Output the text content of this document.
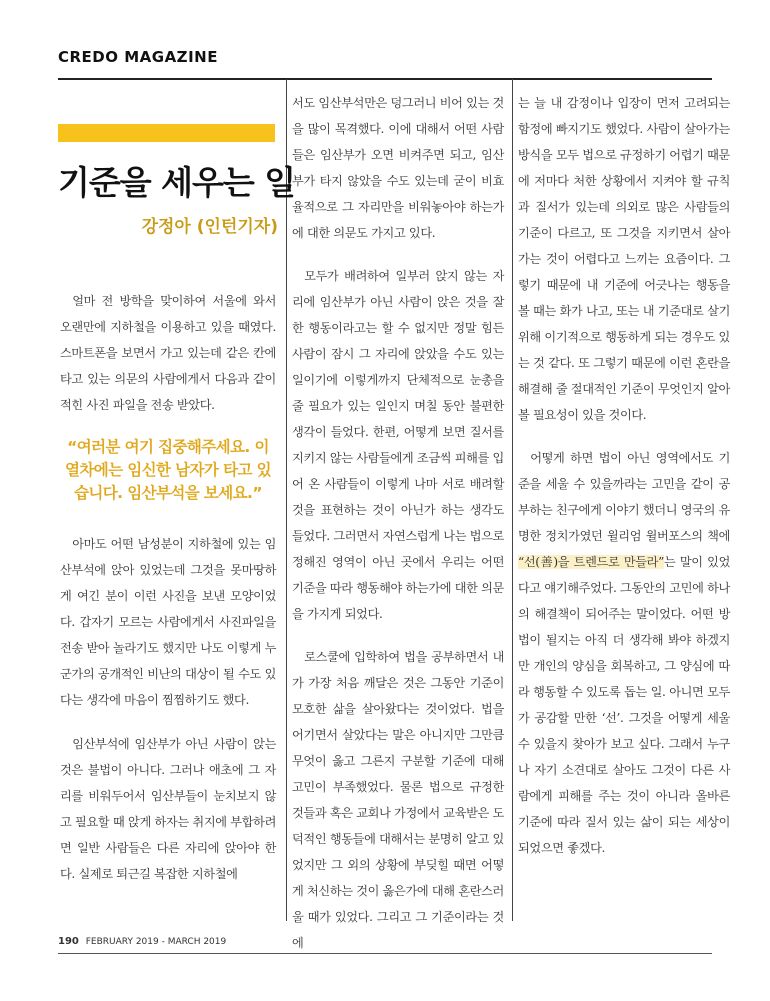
CREDO MAGAZINE
기준을 세우는 일
강정아 (인턴기자)

얼마 전 방학을 맞이하여 서울에 와서 오랜만에 지하철을 이용하고 있을 때였다. 스마트폰을 보면서 가고 있는데 같은 칸에 타고 있는 의문의 사람에게서 다음과 같이 적힌 사진 파일을 전송 받았다.

“여러분 여기 집중해주세요. 이 열차에는 임신한 남자가 타고 있습니다. 임산부석을 보세요.”

아마도 어떤 남성분이 지하철에 있는 임산부석에 앉아 있었는데 그것을 못마땅하게 여긴 분이 이런 사진을 보낸 모양이었다. 갑자기 모르는 사람에게서 사진파일을 전송 받아 놀라기도 했지만 나도 이렇게 누군가의 공개적인 비난의 대상이 될 수도 있다는 생각에 마음이 찜찜하기도 했다.

임산부석에 임산부가 아닌 사람이 앉는 것은 불법이 아니다. 그러나 애초에 그 자리를 비워두어서 임산부들이 눈치보지 않고 필요할 때 앉게 하자는 취지에 부합하려면 일반 사람들은 다른 자리에 앉아야 한다. 실제로 퇴근길 복잡한 지하철에

서도 임산부석만은 덩그러니 비어 있는 것을 많이 목격했다. 이에 대해서 어떤 사람들은 임산부가 오면 비켜주면 되고, 임산부가 타지 않았을 수도 있는데 굳이 비효율적으로 그 자리만을 비워놓아야 하는가에 대한 의문도 가지고 있다.

모두가 배려하여 일부러 앉지 않는 자리에 임산부가 아닌 사람이 앉은 것을 잘한 행동이라고는 할 수 없지만 정말 힘든 사람이 잠시 그 자리에 앉았을 수도 있는 일이기에 이렇게까지 단체적으로 눈총을 줄 필요가 있는 일인지 며칠 동안 불편한 생각이 들었다. 한편, 어떻게 보면 질서를 지키지 않는 사람들에게 조금씩 피해를 입어 온 사람들이 이렇게 나마 서로 배려할 것을 표현하는 것이 아닌가 하는 생각도 들었다. 그러면서 자연스럽게 나는 법으로 정해진 영역이 아닌 곳에서 우리는 어떤 기준을 따라 행동해야 하는가에 대한 의문을 가지게 되었다.

로스쿨에 입학하여 법을 공부하면서 내가 가장 처음 깨달은 것은 그동안 기준이 모호한 삶을 살아왔다는 것이었다. 법을 어기면서 살았다는 말은 아니지만 그만큼 무엇이 옳고 그른지 구분할 기준에 대해 고민이 부족했었다. 물론 법으로 규정한 것들과 혹은 교회나 가정에서 교육받은 도덕적인 행동들에 대해서는 분명히 알고 있었지만 그 외의 상황에 부딪힐 때면 어떻게 처신하는 것이 옳은가에 대해 혼란스러울 때가 있었다. 그리고 그 기준이라는 것에

는 늘 내 감정이나 입장이 먼저 고려되는 함정에 빠지기도 했었다. 사람이 살아가는 방식을 모두 법으로 규정하기 어렵기 때문에 저마다 처한 상황에서 지켜야 할 규칙과 질서가 있는데 의외로 많은 사람들의 기준이 다르고, 또 그것을 지키면서 살아가는 것이 어렵다고 느끼는 요즘이다. 그렇기 때문에 내 기준에 어긋나는 행동을 볼 때는 화가 나고, 또는 내 기준대로 살기 위해 이기적으로 행동하게 되는 경우도 있는 것 같다. 또 그렇기 때문에 이런 혼란을 해결해 줄 절대적인 기준이 무엇인지 알아볼 필요성이 있을 것이다.

어떻게 하면 법이 아닌 영역에서도 기준을 세울 수 있을까라는 고민을 같이 공부하는 친구에게 이야기 했더니 영국의 유명한 정치가였던 윌리엄 윌버포스의 책에 “선(善)을 트렌드로 만들라”는 말이 있었다고 얘기해주었다. 그동안의 고민에 하나의 해결책이 되어주는 말이었다. 어떤 방법이 될지는 아직 더 생각해 봐야 하겠지만 개인의 양심을 회복하고, 그 양심에 따라 행동할 수 있도록 돕는 일. 아니면 모두가 공감할 만한 ‘선’. 그것을 어떻게 세울 수 있을지 찾아가 보고 싶다. 그래서 누구나 자기 소견대로 살아도 그것이 다른 사람에게 피해를 주는 것이 아니라 올바른 기준에 따라 질서 있는 삶이 되는 세상이 되었으면 좋겠다.

190 FEBRUARY 2019 - MARCH 2019
